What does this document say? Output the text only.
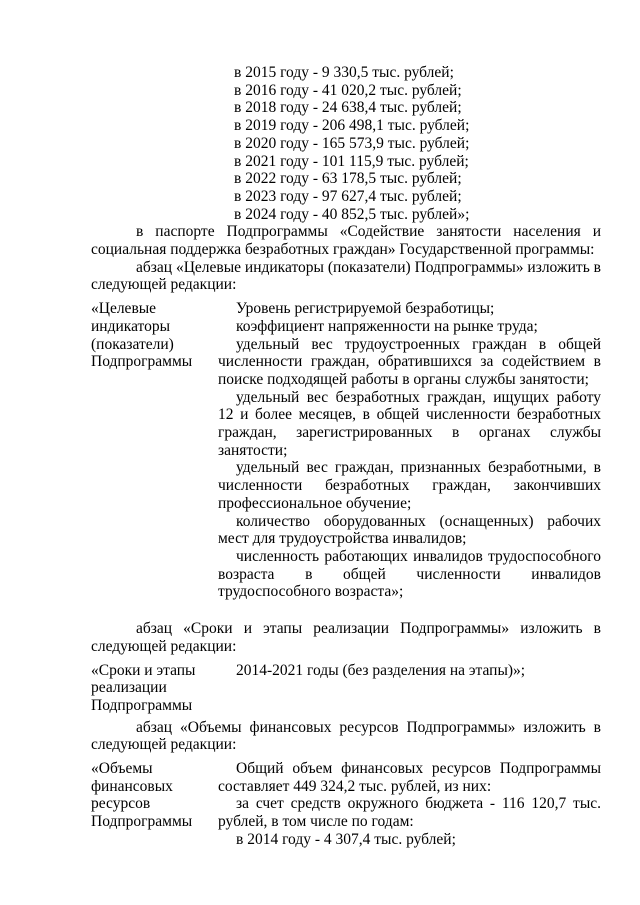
в 2015 году - 9 330,5 тыс. рублей;
в 2016 году - 41 020,2 тыс. рублей;
в 2018 году - 24 638,4 тыс. рублей;
в 2019 году - 206 498,1 тыс. рублей;
в 2020 году - 165 573,9 тыс. рублей;
в 2021 году - 101 115,9 тыс. рублей;
в 2022 году - 63 178,5 тыс. рублей;
в 2023 году - 97 627,4 тыс. рублей;
в 2024 году - 40 852,5 тыс. рублей»;
в паспорте Подпрограммы «Содействие занятости населения и социальная поддержка безработных граждан» Государственной программы:
абзац «Целевые индикаторы (показатели) Подпрограммы» изложить в следующей редакции:
«Целевые индикаторы (показатели) Подпрограммы

Уровень регистрируемой безработицы;

коэффициент напряженности на рынке труда;

удельный вес трудоустроенных граждан в общей численности граждан, обратившихся за содействием в поиске подходящей работы в органы службы занятости;

удельный вес безработных граждан, ищущих работу 12 и более месяцев, в общей численности безработных граждан, зарегистрированных в органах службы занятости;

удельный вес граждан, признанных безработными, в численности безработных граждан, закончивших профессиональное обучение;

количество оборудованных (оснащенных) рабочих мест для трудоустройства инвалидов;

численность работающих инвалидов трудоспособного возраста в общей численности инвалидов трудоспособного возраста»;

абзац «Сроки и этапы реализации Подпрограммы» изложить в следующей редакции:
«Сроки и этапы реализации Подпрограммы

2014-2021 годы (без разделения на этапы)»;

абзац «Объемы финансовых ресурсов Подпрограммы» изложить в следующей редакции:
«Объемы финансовых ресурсов Подпрограммы

Общий объем финансовых ресурсов Подпрограммы составляет 449 324,2 тыс. рублей, из них:

за счет средств окружного бюджета - 116 120,7 тыс. рублей, в том числе по годам:

в 2014 году - 4 307,4 тыс. рублей;
